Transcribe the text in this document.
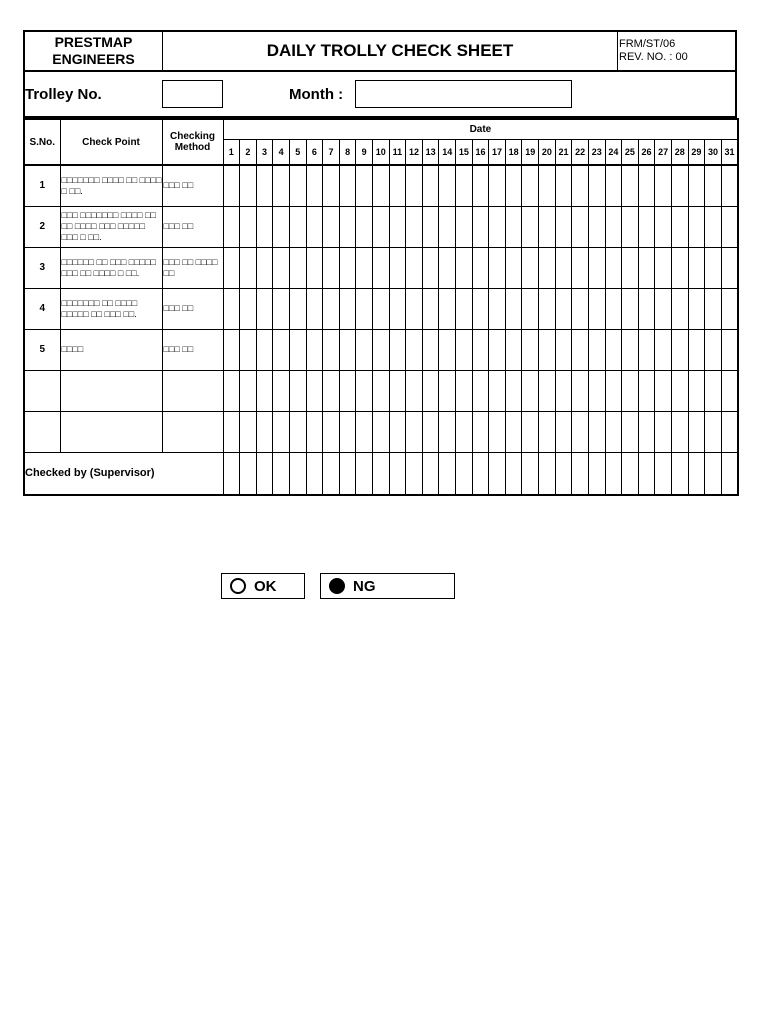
PRESTMAP
ENGINEERS	DAILY TROLLY CHECK SHEET	FRM/ST/06
REV. NO. : 00
Trolley No.	Month :
S.No.	Check Point	Checking Method	Date																														
			1	2	3	4	5	6	7	8	9	10	11	12	13	14	15	16	17	18	19	20	21	22	23	24	25	26	27	28	29	30	31
1	□□□□□□□ □□□□ □□ □□□□ □ □□.	□□□ □□																															
2	□□□ □□□□□□□ □□□□ □□ □□ □□□□ □□□ □□□□□ □□□ □ □□.	□□□ □□																															
3	□□□□□□ □□ □□□ □□□□□ □□□ □□ □□□□ □ □□.	□□□ □□ □□□□ □□																															
4	□□□□□□□ □□ □□□□ □□□□□ □□ □□□ □□.	□□□ □□																															
5	□□□□	□□□ □□																															

Checked by (Supervisor)																																	
OK	NG
